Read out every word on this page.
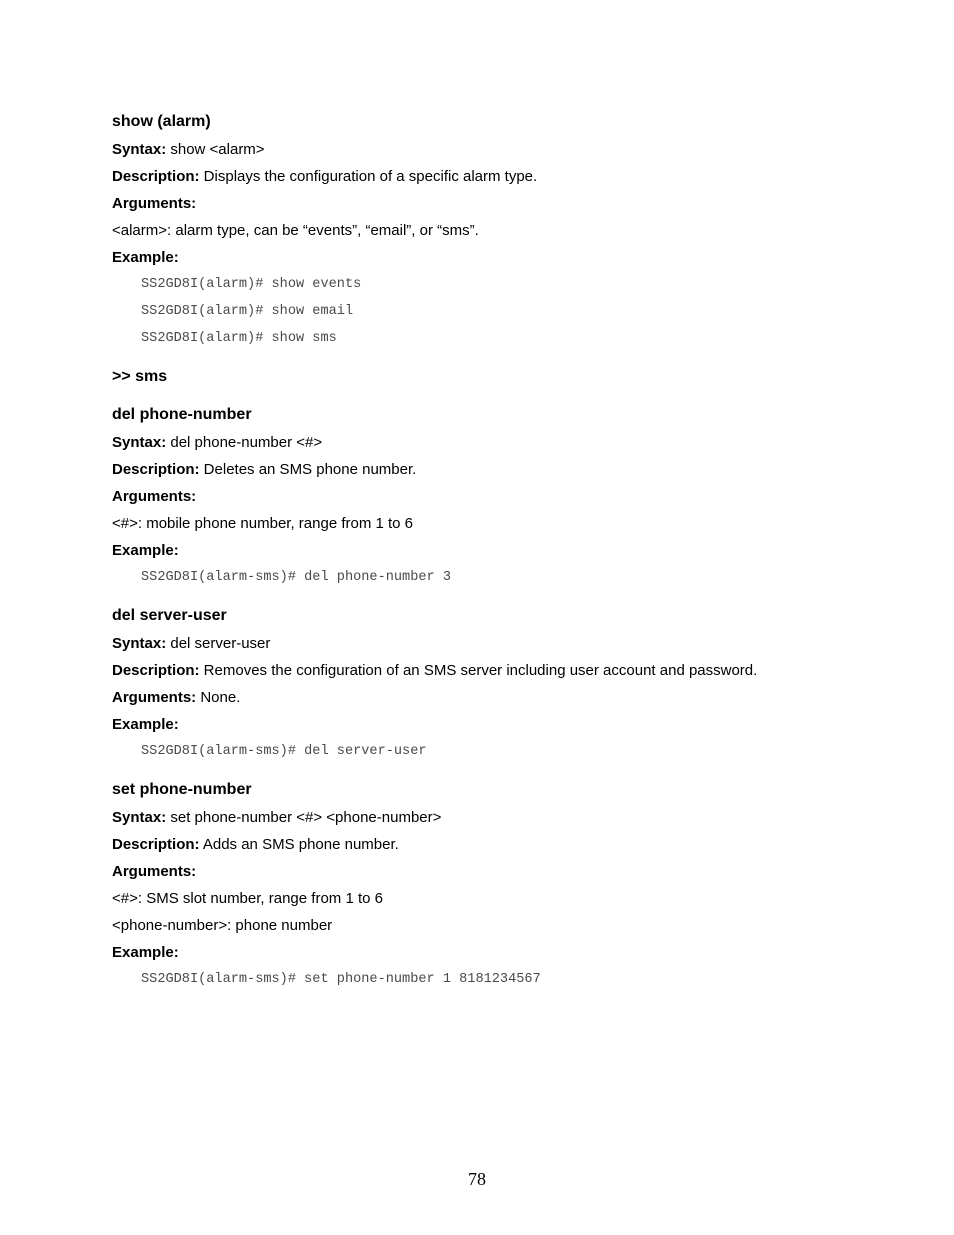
show (alarm)
Syntax: show <alarm>
Description: Displays the configuration of a specific alarm type.
Arguments:
<alarm>: alarm type, can be “events”, “email”, or “sms”.
Example:
SS2GD8I(alarm)# show events
SS2GD8I(alarm)# show email
SS2GD8I(alarm)# show sms
>> sms
del phone-number
Syntax: del phone-number <#>
Description: Deletes an SMS phone number.
Arguments:
<#>: mobile phone number, range from 1 to 6
Example:
SS2GD8I(alarm-sms)# del phone-number 3
del server-user
Syntax: del server-user
Description: Removes the configuration of an SMS server including user account and password.
Arguments: None.
Example:
SS2GD8I(alarm-sms)# del server-user
set phone-number
Syntax: set phone-number <#> <phone-number>
Description: Adds an SMS phone number.
Arguments:
<#>: SMS slot number, range from 1 to 6
<phone-number>: phone number
Example:
SS2GD8I(alarm-sms)# set phone-number 1 8181234567
78
